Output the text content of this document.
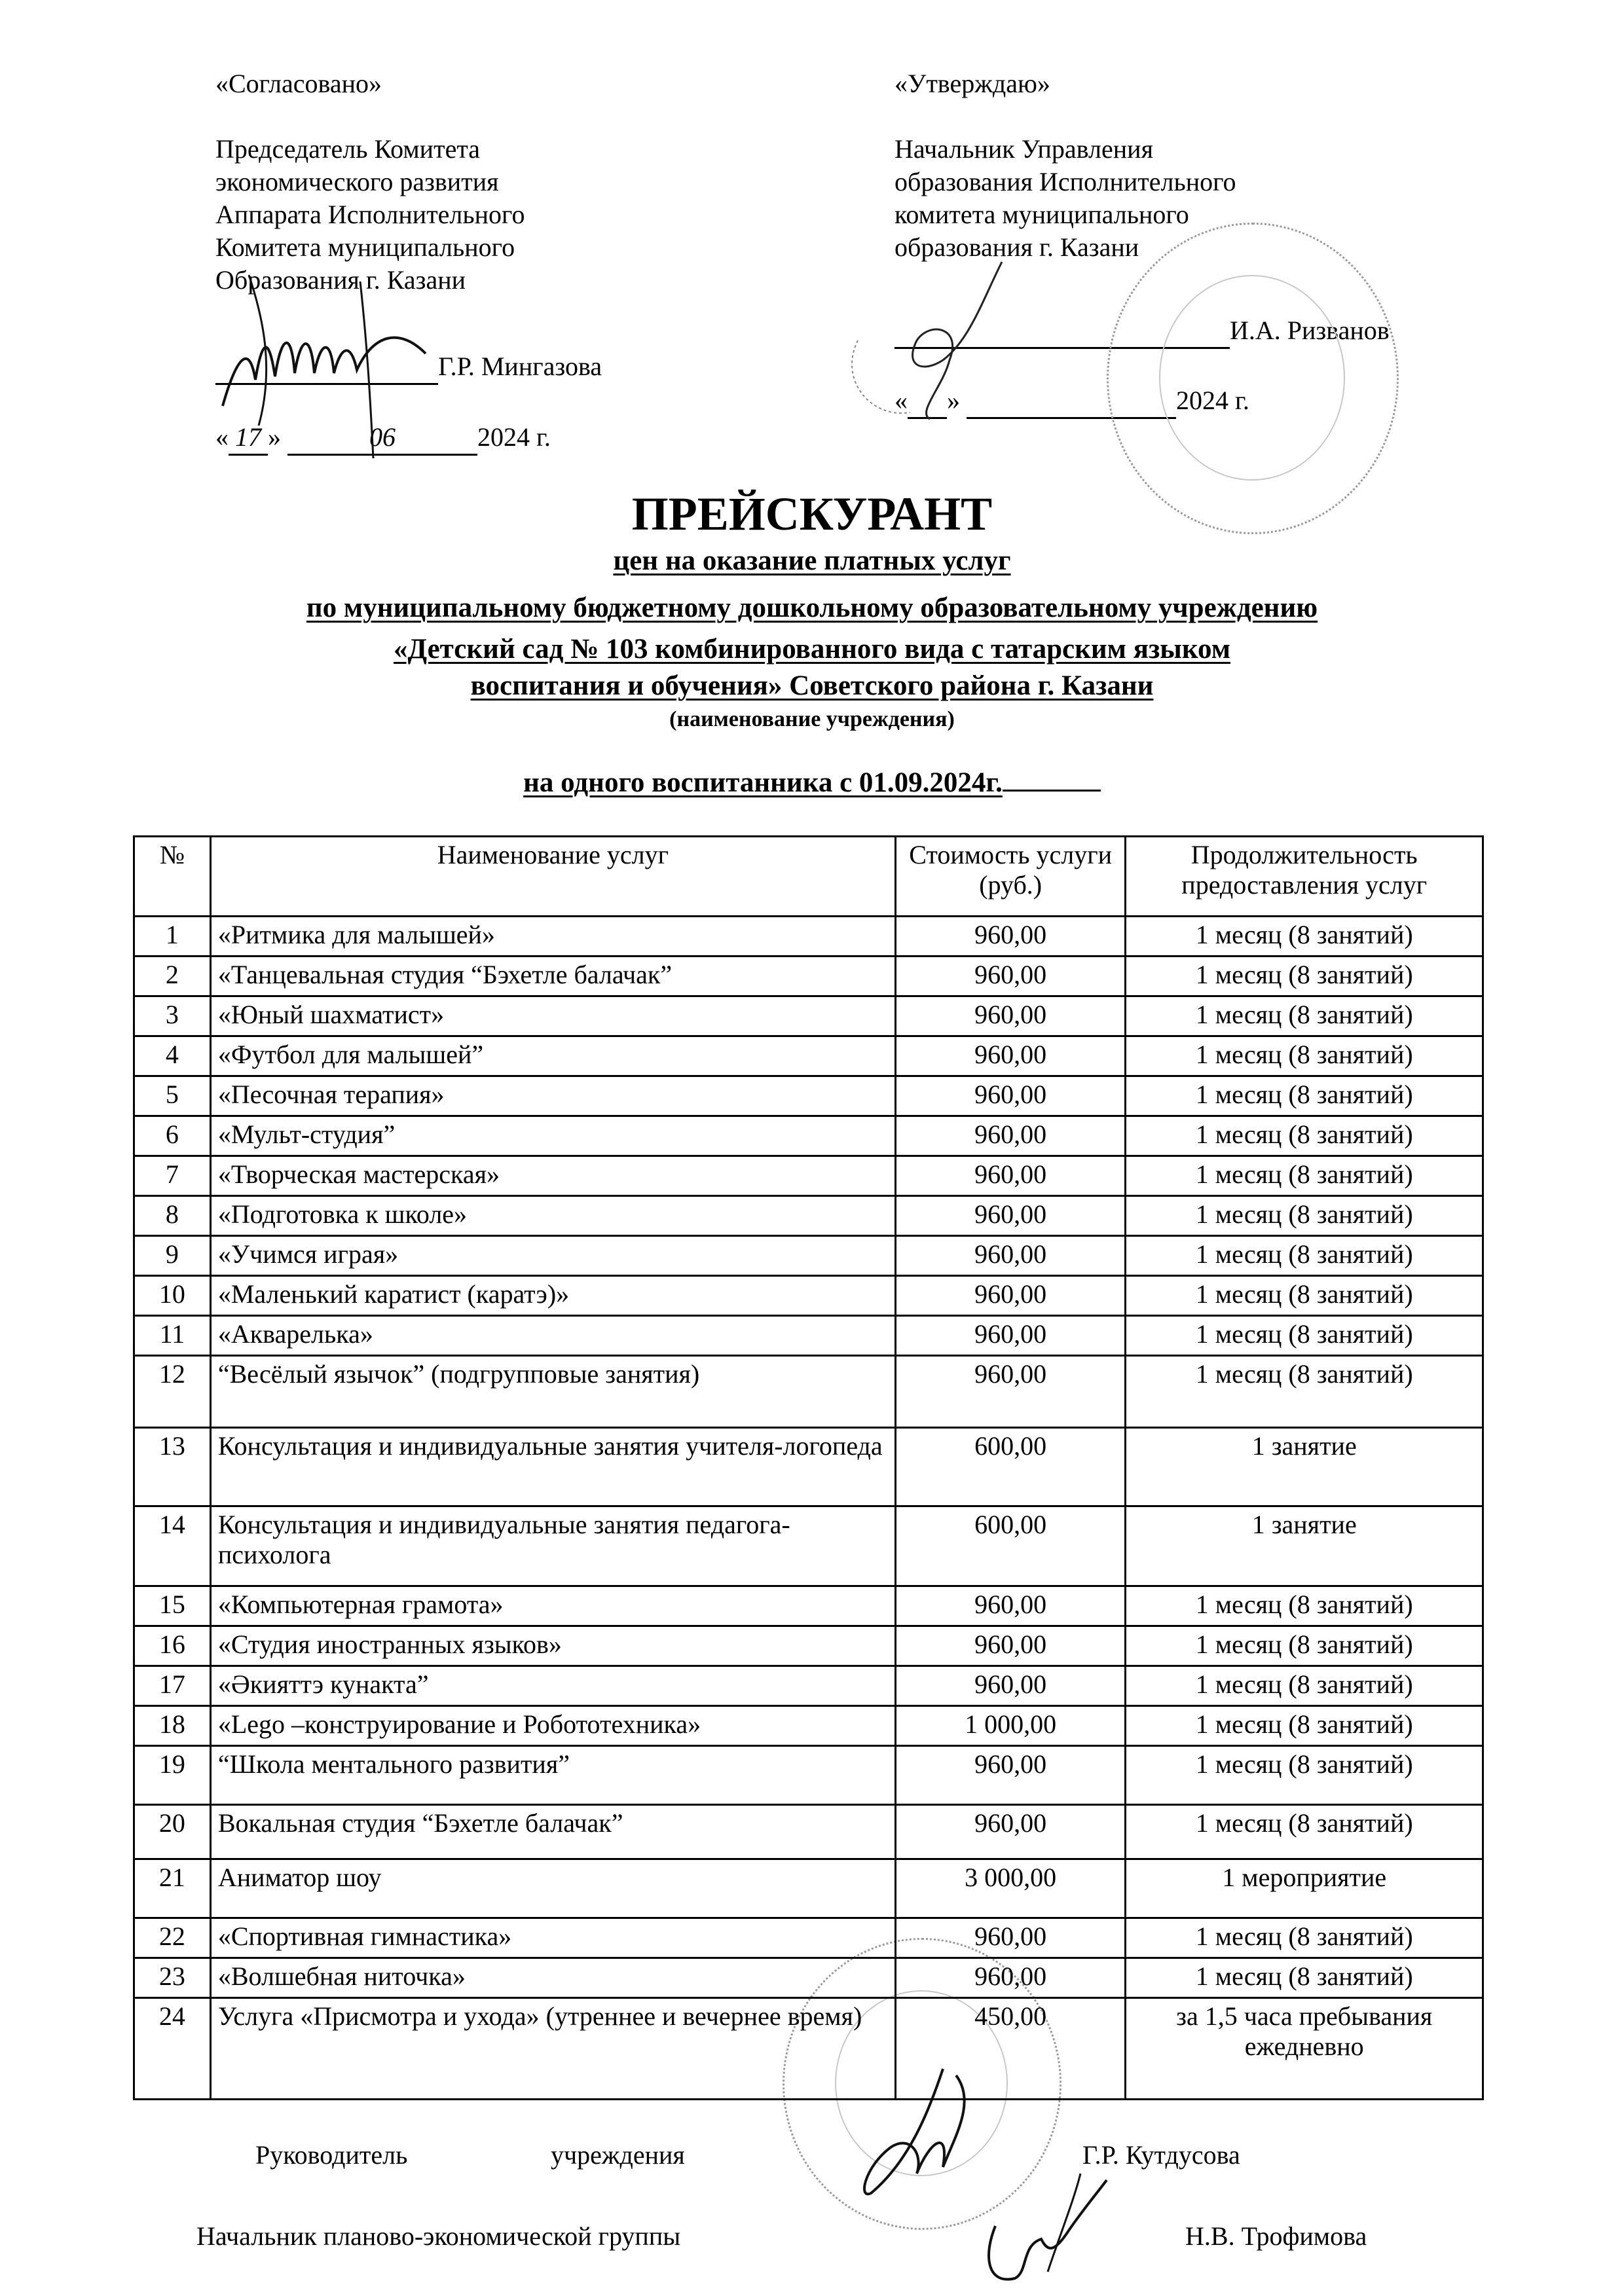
«Согласовано»

Председатель Комитета
экономического развития
Аппарата Исполнительного
Комитета муниципального
Образования г. Казани
Г.Р. Мингазова
« 17 »	06	2024 г.
«Утверждаю»

Начальник Управления
образования Исполнительного
комитета муниципального
образования г. Казани
И.А. Ризванов
« »	2024 г.
ПРЕЙСКУРАНТ
цен на оказание платных услуг
по муниципальному бюджетному дошкольному образовательному учреждению
«Детский сад № 103 комбинированного вида с татарским языком
воспитания и обучения» Советского района г. Казани
(наименование учреждения)
на одного воспитанника с 01.09.2024г.
№	Наименование услуг	Стоимость услуги (руб.)	Продолжительность предоставления услуг
1	«Ритмика для малышей»	960,00	1 месяц (8 занятий)
2	«Танцевальная студия “Бэхетле балачак”	960,00	1 месяц (8 занятий)
3	«Юный шахматист»	960,00	1 месяц (8 занятий)
4	«Футбол для малышей”	960,00	1 месяц (8 занятий)
5	«Песочная терапия»	960,00	1 месяц (8 занятий)
6	«Мульт-студия”	960,00	1 месяц (8 занятий)
7	«Творческая мастерская»	960,00	1 месяц (8 занятий)
8	«Подготовка к школе»	960,00	1 месяц (8 занятий)
9	«Учимся играя»	960,00	1 месяц (8 занятий)
10	«Маленький каратист (каратэ)»	960,00	1 месяц (8 занятий)
11	«Акварелька»	960,00	1 месяц (8 занятий)
12	“Весёлый язычок” (подгрупповые занятия)	960,00	1 месяц (8 занятий)
13	Консультация и индивидуальные занятия учителя-логопеда	600,00	1 занятие
14	Консультация и индивидуальные занятия педагога-психолога	600,00	1 занятие
15	«Компьютерная грамота»	960,00	1 месяц (8 занятий)
16	«Студия иностранных языков»	960,00	1 месяц (8 занятий)
17	«Әкияттэ кунакта”	960,00	1 месяц (8 занятий)
18	«Lego –конструирование и Робототехника»	1 000,00	1 месяц (8 занятий)
19	“Школа ментального развития”	960,00	1 месяц (8 занятий)
20	Вокальная студия “Бэхетле балачак”	960,00	1 месяц (8 занятий)
21	Аниматор шоу	3 000,00	1 мероприятие
22	«Спортивная гимнастика»	960,00	1 месяц (8 занятий)
23	«Волшебная ниточка»	960,00	1 месяц (8 занятий)
24	Услуга «Присмотра и ухода» (утреннее и вечернее время)	450,00	за 1,5 часа пребывания ежедневно
Руководитель	учреждения	Г.Р. Кутдусова
Начальник планово-экономической группы	Н.В. Трофимова
